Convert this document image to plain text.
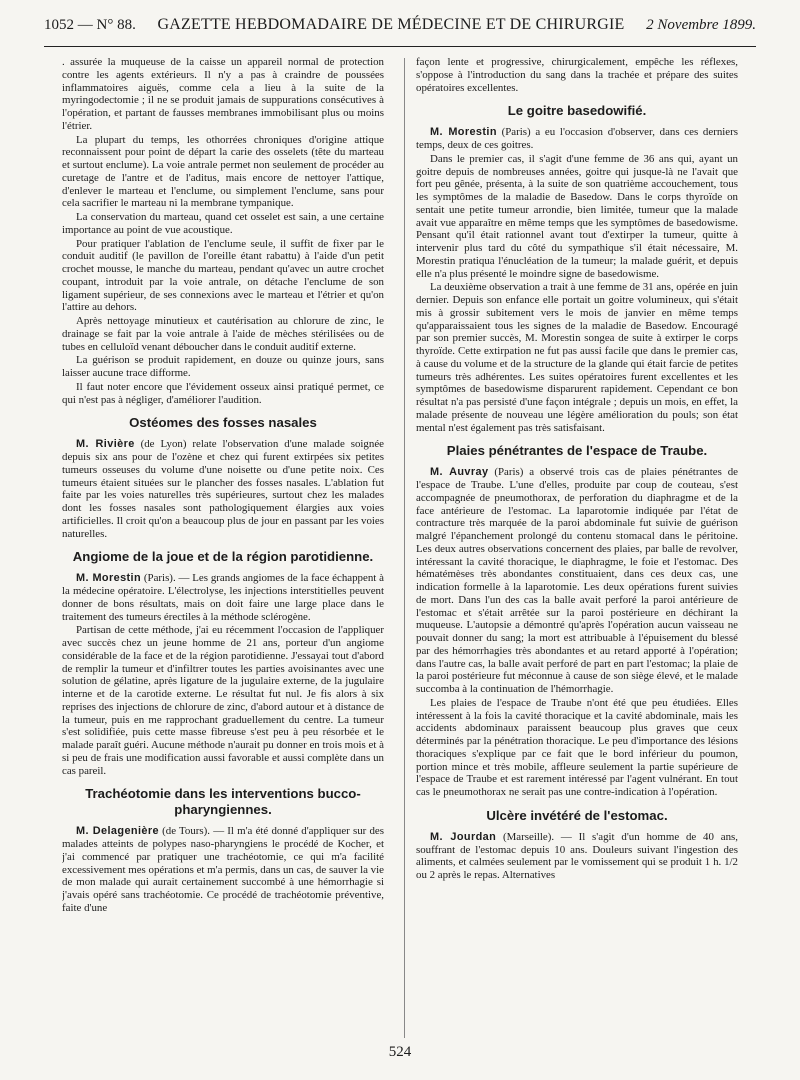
1052 — N° 88. GAZETTE HEBDOMADAIRE DE MÉDECINE ET DE CHIRURGIE 2 Novembre 1899.

. assurée la muqueuse de la caisse un appareil normal de protection contre les agents extérieurs. Il n'y a pas à craindre de poussées inflammatoires aiguës, comme cela a lieu à la suite de la myringodectomie ; il ne se produit jamais de suppurations consécutives à l'opération, et partant de fausses membranes immobilisant plus ou moins l'étrier.

La plupart du temps, les othorrées chroniques d'origine attique reconnaissent pour point de départ la carie des osselets (tête du marteau et surtout enclume). La voie antrale permet non seulement de procéder au curetage de l'antre et de l'aditus, mais encore de nettoyer l'attique, d'enlever le marteau et l'enclume, ou simplement l'enclume, sans pour cela sacrifier le marteau ni la membrane tympanique.

La conservation du marteau, quand cet osselet est sain, a une certaine importance au point de vue acoustique.

Pour pratiquer l'ablation de l'enclume seule, il suffit de fixer par le conduit auditif (le pavillon de l'oreille étant rabattu) à l'aide d'un petit crochet mousse, le manche du marteau, pendant qu'avec un autre crochet coupant, introduit par la voie antrale, on détache l'enclume de son ligament supérieur, de ses connexions avec le marteau et l'étrier et qu'on l'attire au dehors.

Après nettoyage minutieux et cautérisation au chlorure de zinc, le drainage se fait par la voie antrale à l'aide de mèches stérilisées ou de tubes en celluloïd venant déboucher dans le conduit auditif externe.

La guérison se produit rapidement, en douze ou quinze jours, sans laisser aucune trace difforme.

Il faut noter encore que l'évidement osseux ainsi pratiqué permet, ce qui n'est pas à négliger, d'améliorer l'audition.

Ostéomes des fosses nasales

M. Rivière (de Lyon) relate l'observation d'une malade soignée depuis six ans pour de l'ozène et chez qui furent extirpées six petites tumeurs osseuses du volume d'une noisette ou d'une petite noix. Ces tumeurs étaient situées sur le plancher des fosses nasales. L'ablation fut faite par les voies naturelles très supérieures, surtout chez les malades dont les fosses nasales sont pathologiquement élargies aux voies artificielles. Il croit qu'on a beaucoup plus de jour en passant par les voies naturelles.

Angiome de la joue et de la région parotidienne.

M. Morestin (Paris). — Les grands angiomes de la face échappent à la médecine opératoire. L'électrolyse, les injections interstitielles peuvent donner de bons résultats, mais on doit faire une large place dans le traitement des tumeurs érectiles à la méthode sclérogène.

Partisan de cette méthode, j'ai eu récemment l'occasion de l'appliquer avec succès chez un jeune homme de 21 ans, porteur d'un angiome considérable de la face et de la région parotidienne. J'essayai tout d'abord de remplir la tumeur et d'infiltrer toutes les parties avoisinantes avec une solution de gélatine, après ligature de la jugulaire externe, de la jugulaire interne et de la carotide externe. Le résultat fut nul. Je fis alors à six reprises des injections de chlorure de zinc, d'abord autour et à distance de la tumeur, puis en me rapprochant graduellement du centre. La tumeur s'est solidifiée, puis cette masse fibreuse s'est peu à peu résorbée et le malade paraît guéri. Aucune méthode n'aurait pu donner en trois mois et à si peu de frais une modification aussi favorable et aussi complète dans un cas pareil.

Trachéotomie dans les interventions bucco-pharyngiennes.

M. Delagenière (de Tours). — Il m'a été donné d'appliquer sur des malades atteints de polypes naso-pharyngiens le procédé de Kocher, et j'ai commencé par pratiquer une trachéotomie, ce qui m'a facilité excessivement mes opérations et m'a permis, dans un cas, de sauver la vie de mon malade qui aurait certainement succombé à une hémorrhagie si j'avais opéré sans trachéotomie. Ce procédé de trachéotomie préventive, faite d'une

façon lente et progressive, chirurgicalement, empêche les réflexes, s'oppose à l'introduction du sang dans la trachée et prépare des suites opératoires excellentes.

Le goitre basedowifié.

M. Morestin (Paris) a eu l'occasion d'observer, dans ces derniers temps, deux de ces goitres.

Dans le premier cas, il s'agit d'une femme de 36 ans qui, ayant un goitre depuis de nombreuses années, goitre qui jusque-là ne l'avait que fort peu gênée, présenta, à la suite de son quatrième accouchement, tous les symptômes de la maladie de Basedow. Dans le corps thyroïde on sentait une petite tumeur arrondie, bien limitée, tumeur que la malade avait vue apparaître en même temps que les symptômes de basedowisme. Pensant qu'il était rationnel avant tout d'extirper la tumeur, quitte à intervenir plus tard du côté du sympathique s'il était nécessaire, M. Morestin pratiqua l'énucléation de la tumeur; la malade guérit, et depuis elle n'a plus présenté le moindre signe de basedowisme.

La deuxième observation a trait à une femme de 31 ans, opérée en juin dernier. Depuis son enfance elle portait un goitre volumineux, qui s'était mis à grossir subitement vers le mois de janvier en même temps qu'apparaissaient tous les signes de la maladie de Basedow. Encouragé par son premier succès, M. Morestin songea de suite à extirper le corps thyroïde. Cette extirpation ne fut pas aussi facile que dans le premier cas, à cause du volume et de la structure de la glande qui était farcie de petites tumeurs très adhérentes. Les suites opératoires furent excellentes et les symptômes de basedowisme disparurent rapidement. Cependant ce bon résultat n'a pas persisté d'une façon intégrale ; depuis un mois, en effet, la malade présente de nouveau une légère amélioration du pouls; son état mental n'est également pas très satisfaisant.

Plaies pénétrantes de l'espace de Traube.

M. Auvray (Paris) a observé trois cas de plaies pénétrantes de l'espace de Traube. L'une d'elles, produite par coup de couteau, s'est accompagnée de pneumothorax, de perforation du diaphragme et de la face antérieure de l'estomac. La laparotomie indiquée par l'état de contracture très marquée de la paroi abdominale fut suivie de guérison malgré l'épanchement prolongé du contenu stomacal dans le péritoine. Les deux autres observations concernent des plaies, par balle de revolver, intéressant la cavité thoracique, le diaphragme, le foie et l'estomac. Des hématémèses très abondantes constituaient, dans ces deux cas, une indication formelle à la laparotomie. Les deux opérations furent suivies de mort. Dans l'un des cas la balle avait perforé la paroi antérieure de l'estomac et s'était arrêtée sur la paroi postérieure en déchirant la muqueuse. L'autopsie a démontré qu'après l'opération aucun vaisseau ne pouvait donner du sang; la mort est attribuable à l'épuisement du blessé par des hémorrhagies très abondantes et au retard apporté à l'opération; dans l'autre cas, la balle avait perforé de part en part l'estomac; la plaie de la paroi postérieure fut méconnue à cause de son siège élevé, et le malade succomba à la continuation de l'hémorrhagie.

Les plaies de l'espace de Traube n'ont été que peu étudiées. Elles intéressent à la fois la cavité thoracique et la cavité abdominale, mais les accidents abdominaux paraissent beaucoup plus graves que ceux déterminés par la pénétration thoracique. Le peu d'importance des lésions thoraciques s'explique par ce fait que le bord inférieur du poumon, portion mince et très mobile, affleure seulement la partie supérieure de l'espace de Traube et est rarement intéressé par l'agent vulnérant. En tout cas le pneumothorax ne serait pas une contre-indication à l'opération.

Ulcère invétéré de l'estomac.

M. Jourdan (Marseille). — Il s'agit d'un homme de 40 ans, souffrant de l'estomac depuis 10 ans. Douleurs suivant l'ingestion des aliments, et calmées seulement par le vomissement qui se produit 1 h. 1/2 ou 2 après le repas. Alternatives

524
